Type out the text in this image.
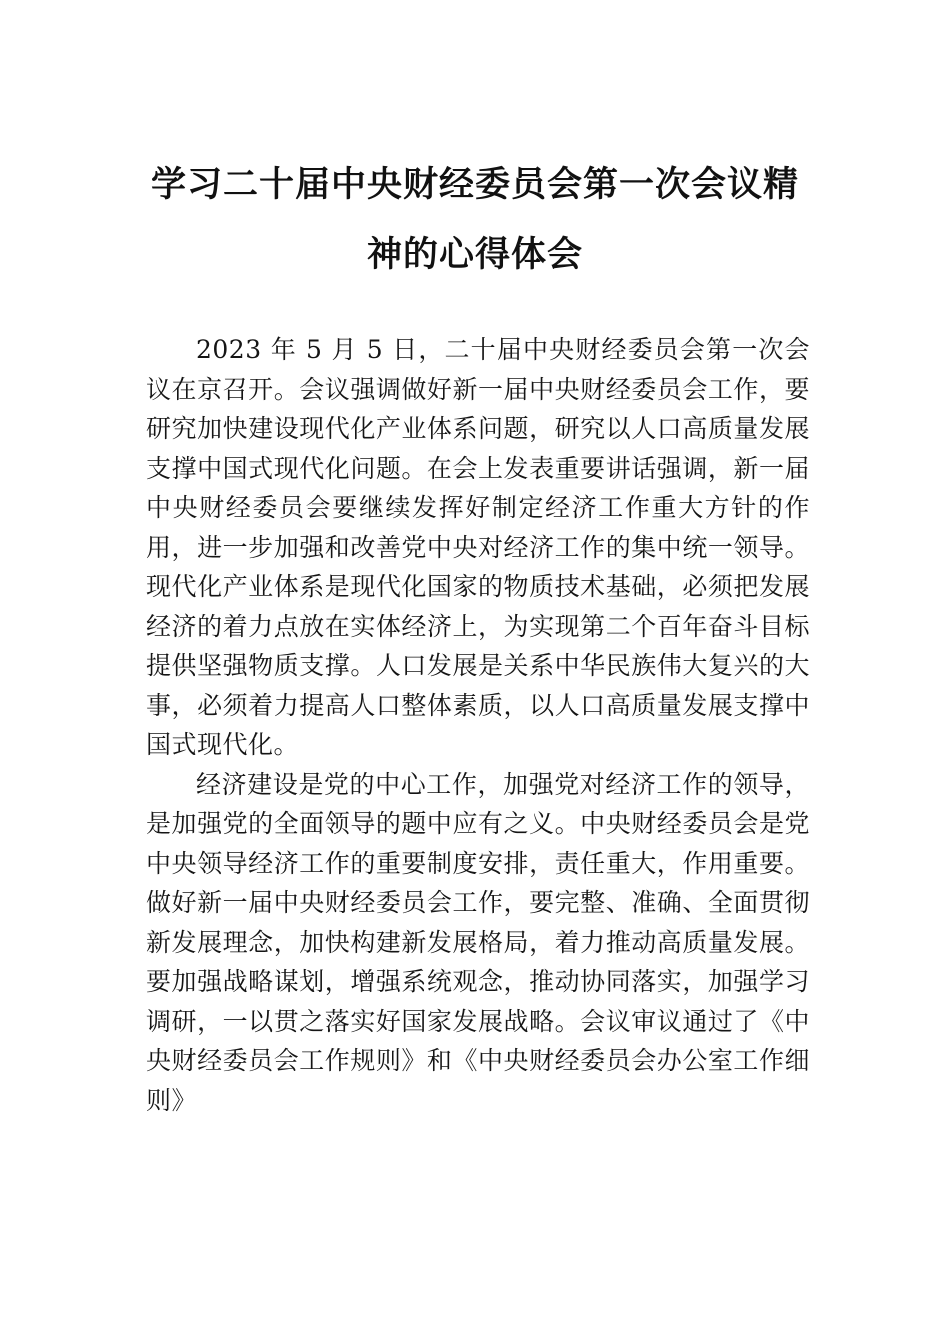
学习二十届中央财经委员会第一次会议精
神的心得体会

2023 年 5 月 5 日，二十届中央财经委员会第一次会议在京召开。会议强调做好新一届中央财经委员会工作，要研究加快建设现代化产业体系问题，研究以人口高质量发展支撑中国式现代化问题。在会上发表重要讲话强调，新一届中央财经委员会要继续发挥好制定经济工作重大方针的作用，进一步加强和改善党中央对经济工作的集中统一领导。现代化产业体系是现代化国家的物质技术基础，必须把发展经济的着力点放在实体经济上，为实现第二个百年奋斗目标提供坚强物质支撑。人口发展是关系中华民族伟大复兴的大事，必须着力提高人口整体素质，以人口高质量发展支撑中国式现代化。

经济建设是党的中心工作，加强党对经济工作的领导，是加强党的全面领导的题中应有之义。中央财经委员会是党中央领导经济工作的重要制度安排，责任重大，作用重要。 做好新一届中央财经委员会工作，要完整、准确、全面贯彻新发展理念，加快构建新发展格局，着力推动高质量发展。 要加强战略谋划，增强系统观念，推动协同落实，加强学习调研，一以贯之落实好国家发展战略。会议审议通过了《中央财经委员会工作规则》和《中央财经委员会办公室工作细则》
